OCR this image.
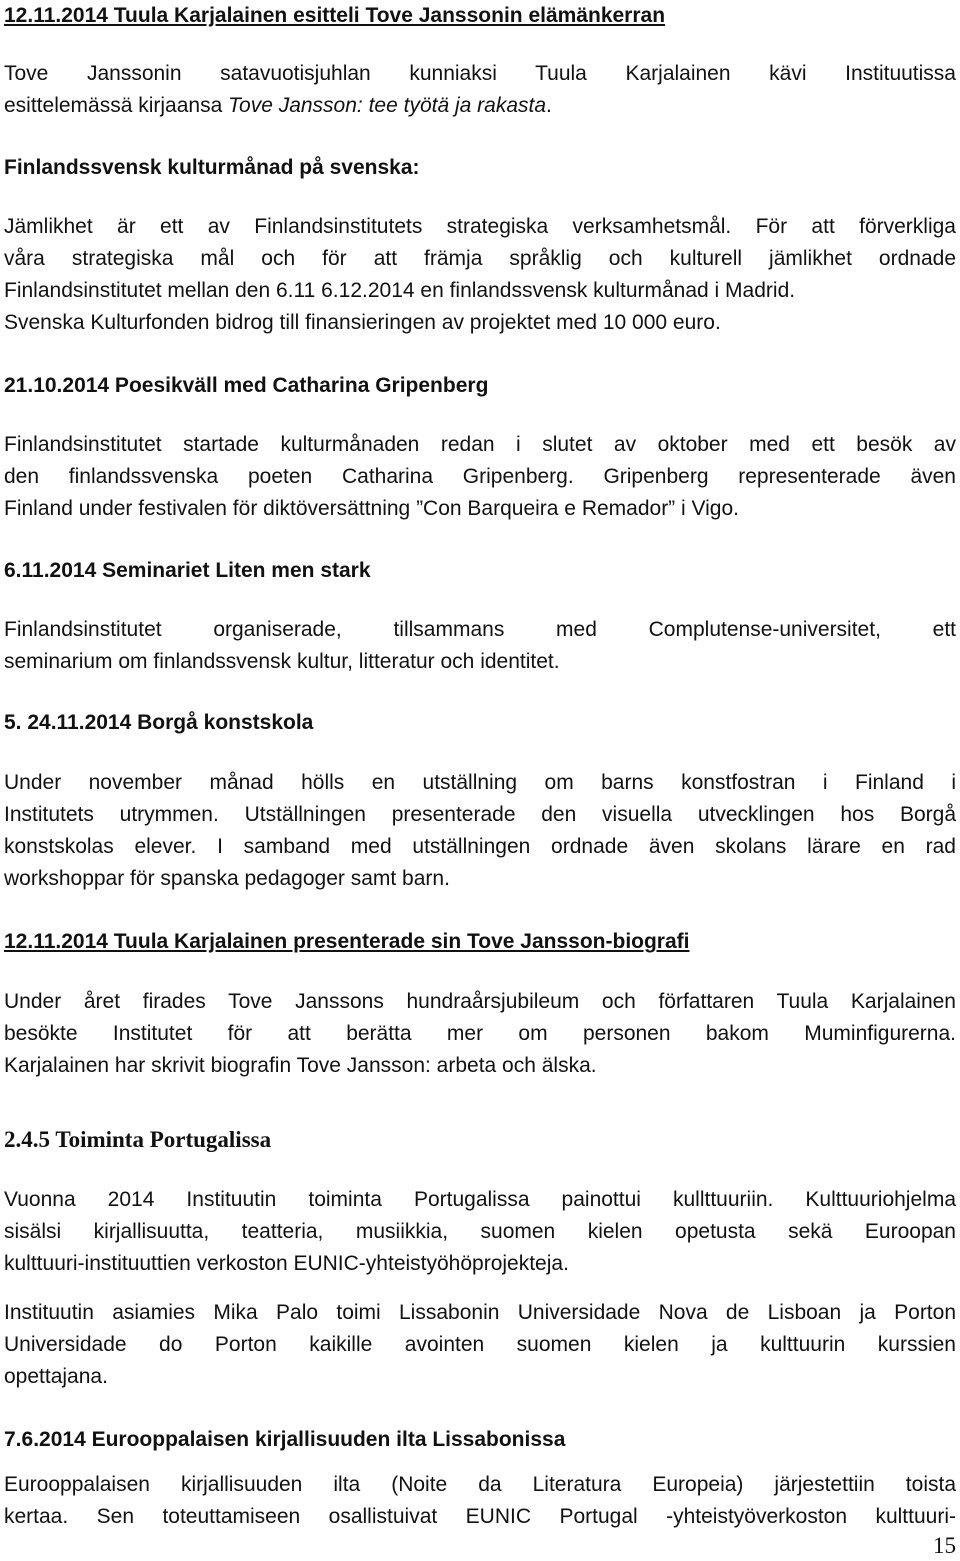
12.11.2014 Tuula Karjalainen esitteli Tove Janssonin elämänkerran
Tove Janssonin satavuotisjuhlan kunniaksi Tuula Karjalainen kävi Instituutissa
esittelemässä kirjaansa Tove Jansson: tee työtä ja rakasta.
Finlandssvensk kulturmånad på svenska:
Jämlikhet är ett av Finlandsinstitutets strategiska verksamhetsmål. För att förverkliga
våra strategiska mål och för att främja språklig och kulturell jämlikhet ordnade
Finlandsinstitutet mellan den 6.11 6.12.2014 en finlandssvensk kulturmånad i Madrid.
Svenska Kulturfonden bidrog till finansieringen av projektet med 10 000 euro.
21.10.2014 Poesikväll med Catharina Gripenberg
Finlandsinstitutet startade kulturmånaden redan i slutet av oktober med ett besök av
den finlandssvenska poeten Catharina Gripenberg. Gripenberg representerade även
Finland under festivalen för diktöversättning ”Con Barqueira e Remador” i Vigo.
6.11.2014 Seminariet Liten men stark
Finlandsinstitutet organiserade, tillsammans med Complutense-universitet, ett
seminarium om finlandssvensk kultur, litteratur och identitet.
5. 24.11.2014 Borgå konstskola
Under november månad hölls en utställning om barns konstfostran i Finland i
Institutets utrymmen. Utställningen presenterade den visuella utvecklingen hos Borgå
konstskolas elever. I samband med utställningen ordnade även skolans lärare en rad
workshoppar för spanska pedagoger samt barn.
12.11.2014 Tuula Karjalainen presenterade sin Tove Jansson-biografi
Under året firades Tove Janssons hundraårsjubileum och författaren Tuula Karjalainen
besökte Institutet för att berätta mer om personen bakom Muminfigurerna.
Karjalainen har skrivit biografin Tove Jansson: arbeta och älska.
2.4.5 Toiminta Portugalissa
Vuonna 2014 Instituutin toiminta Portugalissa painottui kullttuuriin. Kulttuuriohjelma
sisälsi kirjallisuutta, teatteria, musiikkia, suomen kielen opetusta sekä Euroopan
kulttuuri-instituuttien verkoston EUNIC-yhteistyöhöprojekteja.
Instituutin asiamies Mika Palo toimi Lissabonin Universidade Nova de Lisboan ja Porton
Universidade do Porton kaikille avointen suomen kielen ja kulttuurin kurssien
opettajana.
7.6.2014 Eurooppalaisen kirjallisuuden ilta Lissabonissa
Eurooppalaisen kirjallisuuden ilta (Noite da Literatura Europeia) järjestettiin toista
kertaa. Sen toteuttamiseen osallistuivat EUNIC Portugal -yhteistyöverkoston kulttuuri-
15
